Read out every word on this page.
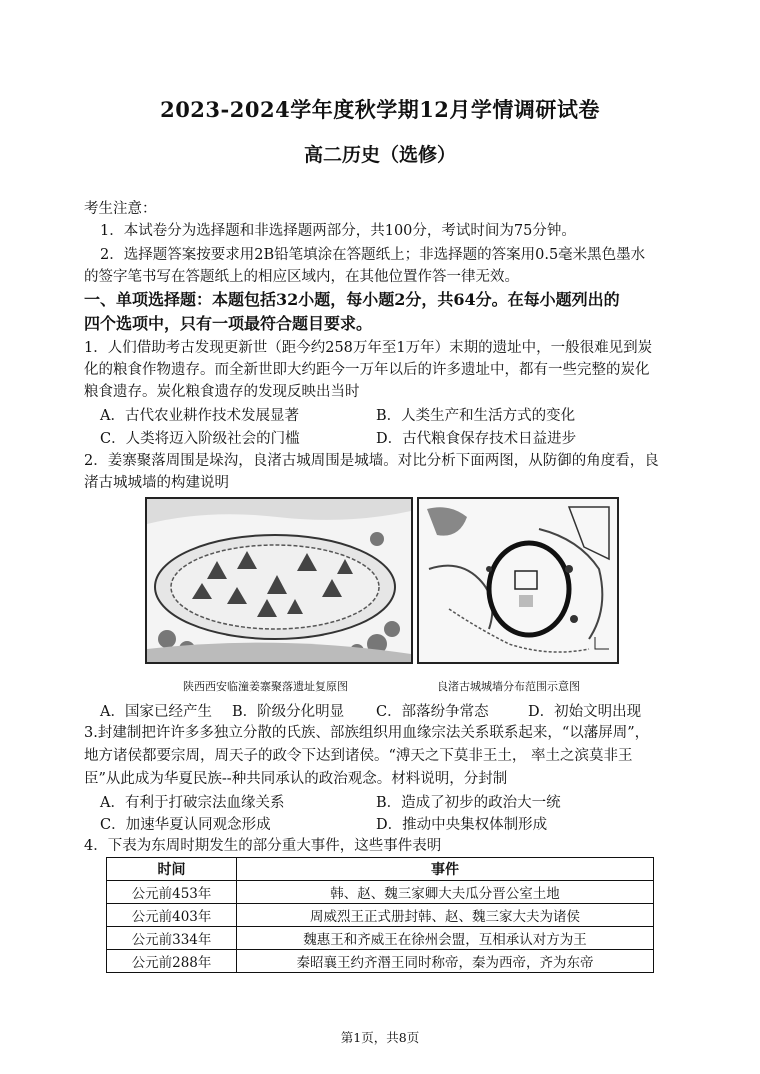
2023-2024学年度秋学期12月学情调研试卷
高二历史（选修）
考生注意：
1．本试卷分为选择题和非选择题两部分，共100分，考试时间为75分钟。
2．选择题答案按要求用2B铅笔填涂在答题纸上；非选择题的答案用0.5毫米黑色墨水
的签字笔书写在答题纸上的相应区域内，在其他位置作答一律无效。
一、单项选择题：本题包括32小题，每小题2分，共64分。在每小题列出的
四个选项中，只有一项最符合题目要求。
1．人们借助考古发现更新世（距今约258万年至1万年）末期的遗址中，一般很难见到炭
化的粮食作物遗存。而全新世即大约距今一万年以后的许多遗址中，都有一些完整的炭化
粮食遗存。炭化粮食遗存的发现反映出当时
A．古代农业耕作技术发展显著	B．人类生产和生活方式的变化
C．人类将迈入阶级社会的门槛	D．古代粮食保存技术日益进步
2．姜寨聚落周围是垛沟，良渚古城周围是城墙。对比分析下面两图，从防御的角度看，良
渚古城城墙的构建说明
陕西西安临潼姜寨聚落遗址复原图	良渚古城城墙分布范围示意图
A．国家已经产生 B．阶级分化明显 C．部落纷争常态	D．初始文明出现
3.封建制把许许多多独立分散的氏族、部族组织用血缘宗法关系联系起来，“以藩屏周”，
地方诸侯都要宗周，周天子的政令下达到诸侯。“溥天之下莫非王土， 率土之滨莫非王
臣”从此成为华夏民族--种共同承认的政治观念。材料说明，分封制
A．有利于打破宗法血缘关系	B．造成了初步的政治大一统
C．加速华夏认同观念形成	D．推动中央集权体制形成
4．下表为东周时期发生的部分重大事件，这些事件表明
时间	事件
公元前453年	韩、赵、魏三家卿大夫瓜分晋公室土地
公元前403年	周威烈王正式册封韩、赵、魏三家大夫为诸侯
公元前334年	魏惠王和齐威王在徐州会盟，互相承认对方为王
公元前288年	秦昭襄王约齐湣王同时称帝，秦为西帝，齐为东帝
第1页，共8页
